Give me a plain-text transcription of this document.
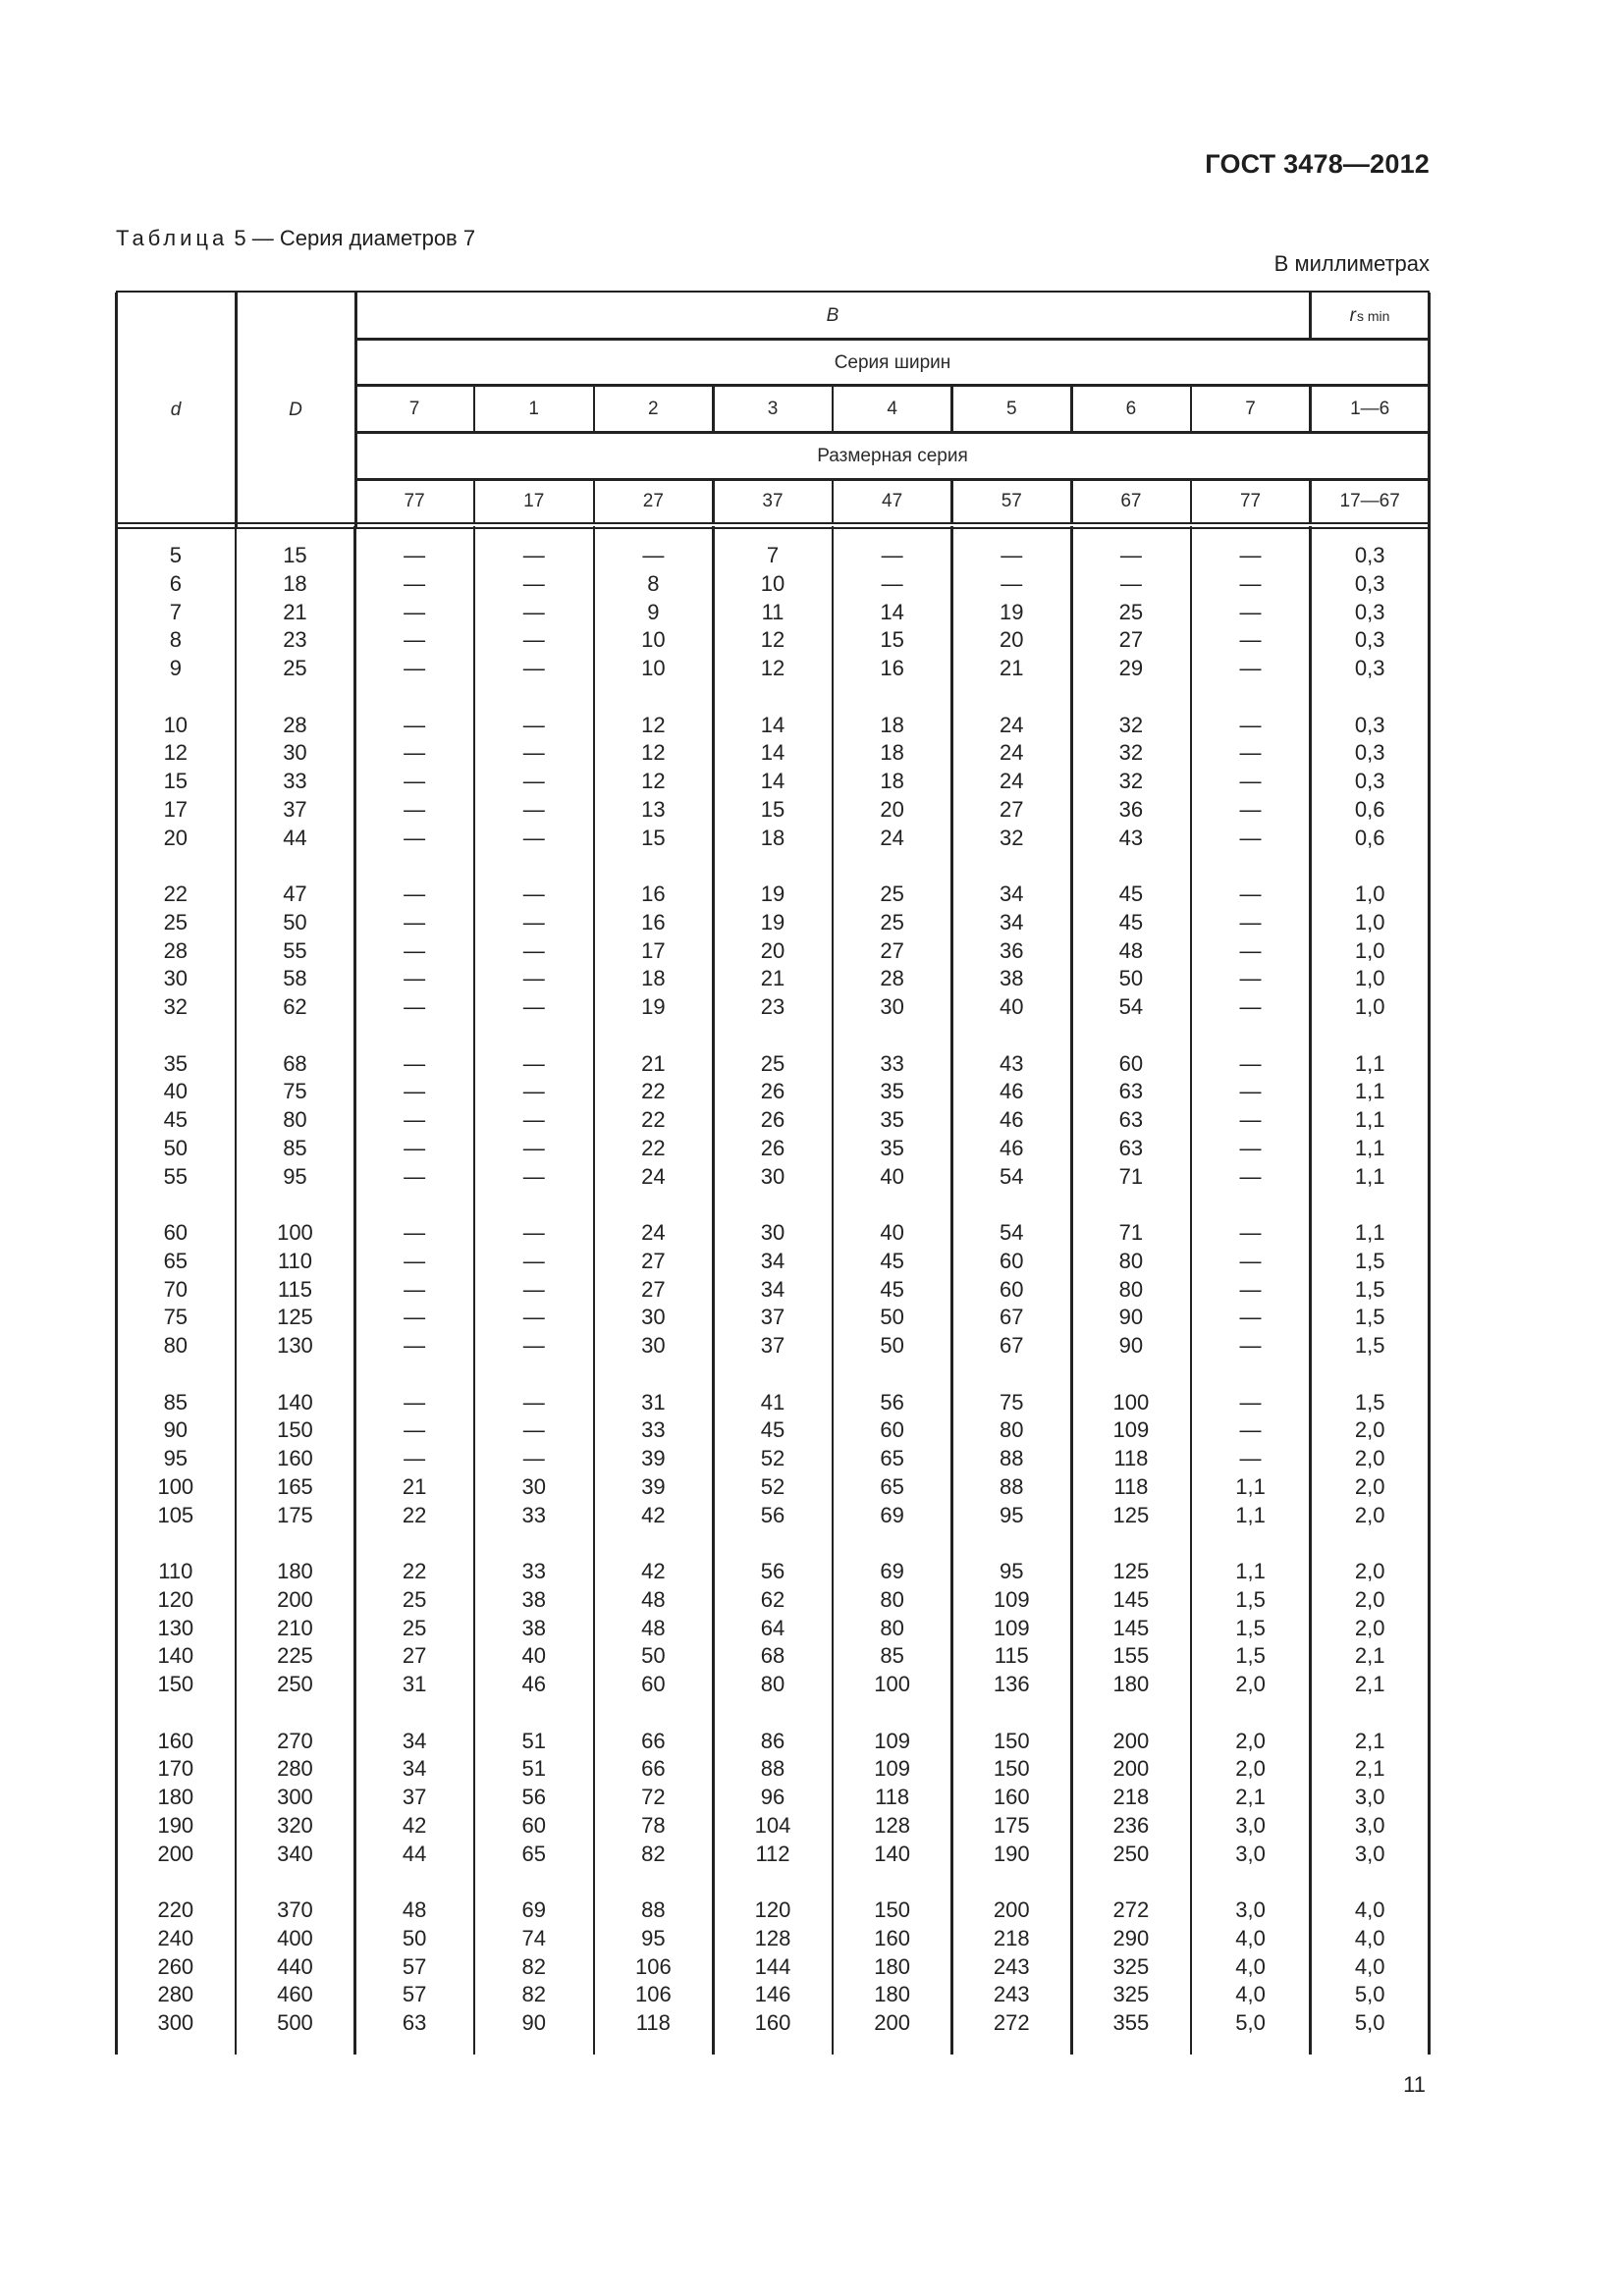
ГОСТ 3478—2012
Таблица 5 — Серия диаметров 7
В миллиметрах
d	D
B	r s min
Серия ширин
Размерная серия
7
77
1
17
2
27
3
37
4
47
5
57
6
67
7
77
1—6
17—67
5
6
7
8
9
10
12
15
17
20
22
25
28
30
32
35
40
45
50
55
60
65
70
75
80
85
90
95
100
105
110
120
130
140
150
160
170
180
190
200
220
240
260
280
300
15
18
21
23
25
28
30
33
37
44
47
50
55
58
62
68
75
80
85
95
100
110
115
125
130
140
150
160
165
175
180
200
210
225
250
270
280
300
320
340
370
400
440
460
500
—
—
—
—
—
—
—
—
—
—
—
—
—
—
—
—
—
—
—
—
—
—
—
—
—
—
—
—
21
22
22
25
25
27
31
34
34
37
42
44
48
50
57
57
63
—
—
—
—
—
—
—
—
—
—
—
—
—
—
—
—
—
—
—
—
—
—
—
—
—
—
—
—
30
33
33
38
38
40
46
51
51
56
60
65
69
74
82
82
90
—
8
9
10
10
12
12
12
13
15
16
16
17
18
19
21
22
22
22
24
24
27
27
30
30
31
33
39
39
42
42
48
48
50
60
66
66
72
78
82
88
95
106
106
118
7
10
11
12
12
14
14
14
15
18
19
19
20
21
23
25
26
26
26
30
30
34
34
37
37
41
45
52
52
56
56
62
64
68
80
86
88
96
104
112
120
128
144
146
160
—
—
14
15
16
18
18
18
20
24
25
25
27
28
30
33
35
35
35
40
40
45
45
50
50
56
60
65
65
69
69
80
80
85
100
109
109
118
128
140
150
160
180
180
200
—
—
19
20
21
24
24
24
27
32
34
34
36
38
40
43
46
46
46
54
54
60
60
67
67
75
80
88
88
95
95
109
109
115
136
150
150
160
175
190
200
218
243
243
272
—
—
25
27
29
32
32
32
36
43
45
45
48
50
54
60
63
63
63
71
71
80
80
90
90
100
109
118
118
125
125
145
145
155
180
200
200
218
236
250
272
290
325
325
355
—
—
—
—
—
—
—
—
—
—
—
—
—
—
—
—
—
—
—
—
—
—
—
—
—
—
—
—
1,1
1,1
1,1
1,5
1,5
1,5
2,0
2,0
2,0
2,1
3,0
3,0
3,0
4,0
4,0
4,0
5,0
0,3
0,3
0,3
0,3
0,3
0,3
0,3
0,3
0,6
0,6
1,0
1,0
1,0
1,0
1,0
1,1
1,1
1,1
1,1
1,1
1,1
1,5
1,5
1,5
1,5
1,5
2,0
2,0
2,0
2,0
2,0
2,0
2,0
2,1
2,1
2,1
2,1
3,0
3,0
3,0
4,0
4,0
4,0
5,0
5,0
11
